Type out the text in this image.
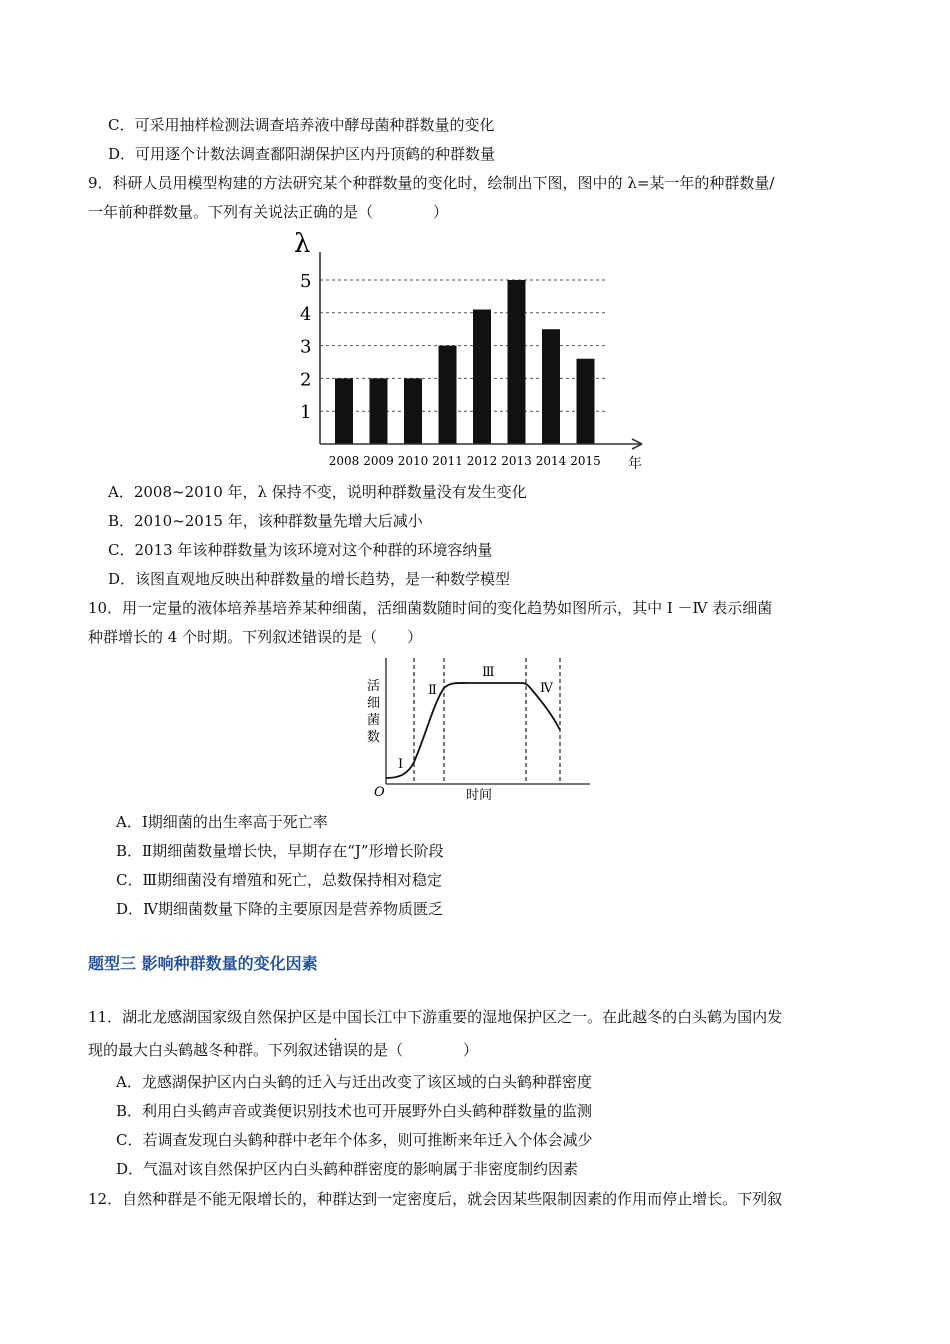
C．可采用抽样检测法调查培养液中酵母菌种群数量的变化
D．可用逐个计数法调查鄱阳湖保护区内丹顶鹤的种群数量
9．科研人员用模型构建的方法研究某个种群数量的变化时，绘制出下图，图中的 λ=某一年的种群数量/
一年前种群数量。下列有关说法正确的是（　　　　）
λ
年
1
2
3
4
5
2008 2009 2010 2011 2012 2013 2014 2015
A．2008~2010 年，λ 保持不变，说明种群数量没有发生变化
B．2010~2015 年，该种群数量先增大后减小
C．2013 年该种群数量为该环境对这个种群的环境容纳量
D．该图直观地反映出种群数量的增长趋势，是一种数学模型
10．用一定量的液体培养基培养某种细菌，活细菌数随时间的变化趋势如图所示，其中 Ⅰ －Ⅳ 表示细菌
种群增长的 4 个时期。下列叙述错误的是（　　）
活
细
菌
数
O	时间
Ⅰ
Ⅱ
Ⅲ
Ⅳ
A．Ⅰ期细菌的出生率高于死亡率
B．Ⅱ期细菌数量增长快，早期存在“J”形增长阶段
C．Ⅲ期细菌没有增殖和死亡，总数保持相对稳定
D．Ⅳ期细菌数量下降的主要原因是营养物质匮乏
题型三 影响种群数量的变化因素
11．湖北龙感湖国家级自然保护区是中国长江中下游重要的湿地保护区之一。在此越冬的白头鹤为国内发
现的最大白头鹤越冬种群。下列叙述错误的是（　　　　）
A．龙感湖保护区内白头鹤的迁入与迁出改变了该区域的白头鹤种群密度
B．利用白头鹤声音或粪便识别技术也可开展野外白头鹤种群数量的监测
C．若调查发现白头鹤种群中老年个体多，则可推断来年迁入个体会减少
D．气温对该自然保护区内白头鹤种群密度的影响属于非密度制约因素
12．自然种群是不能无限增长的，种群达到一定密度后，就会因某些限制因素的作用而停止增长。下列叙
